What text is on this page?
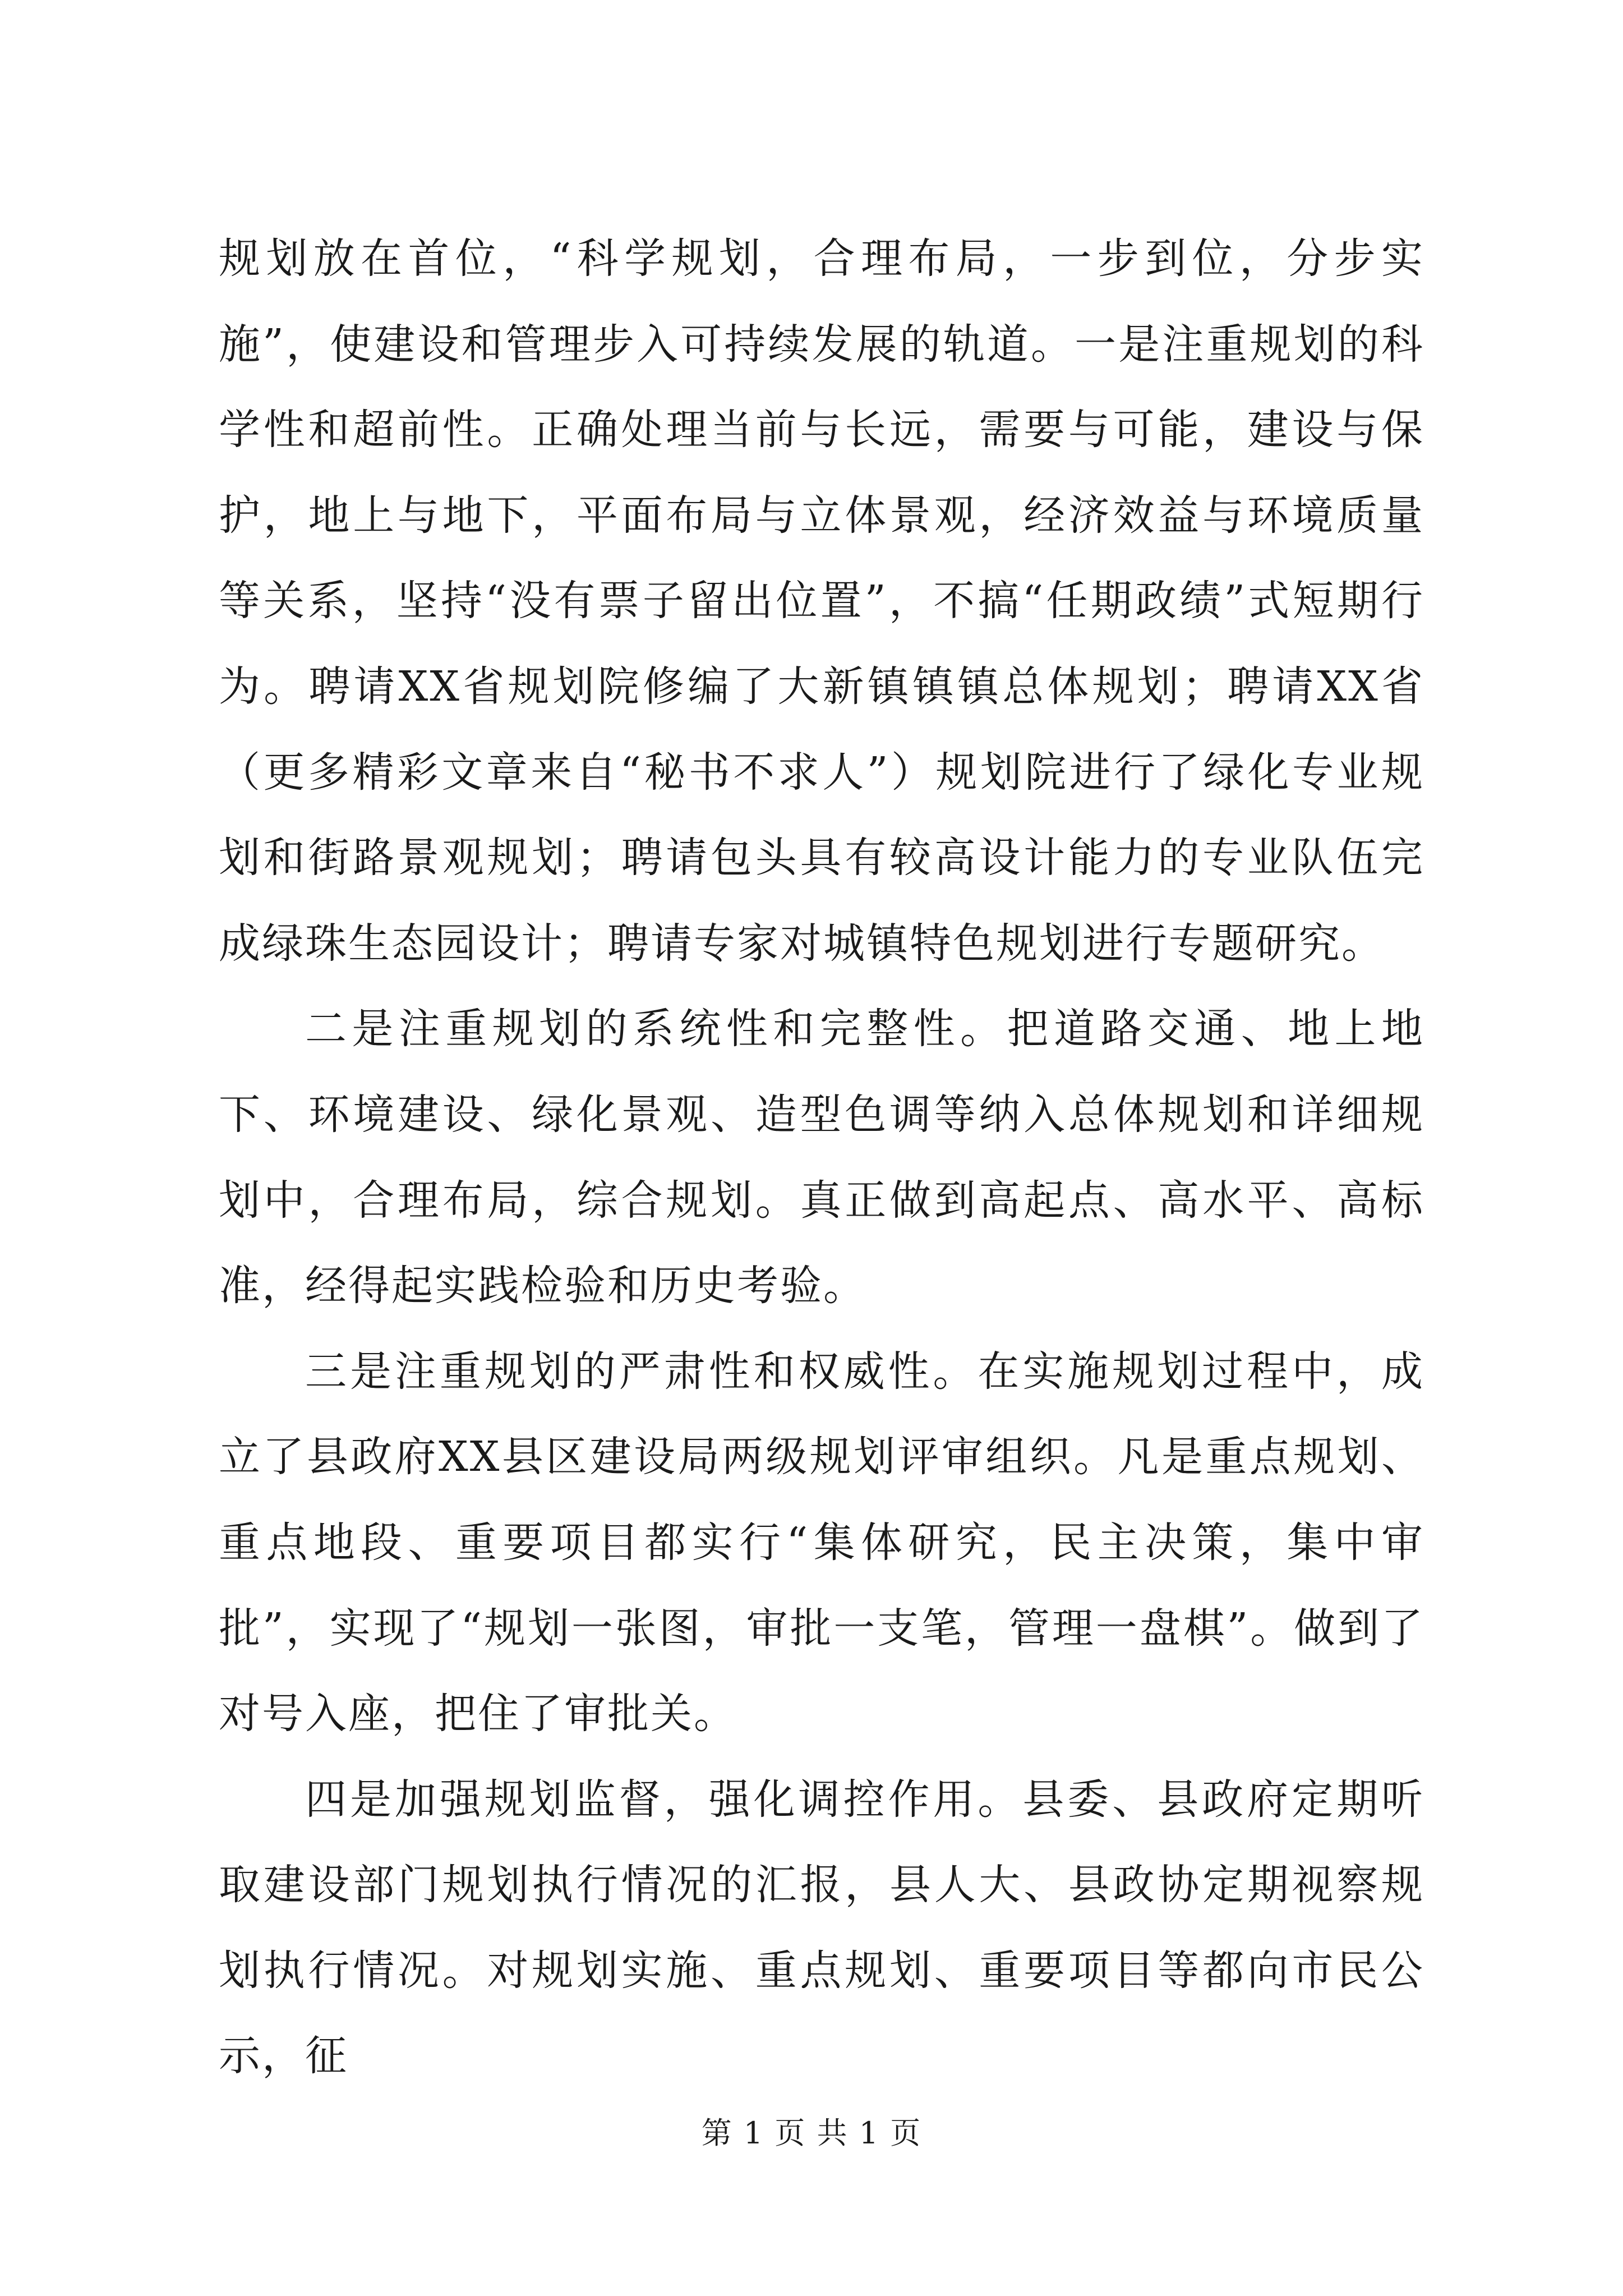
规划放在首位，“科学规划，合理布局，一步到位，分步实施”，使建设和管理步入可持续发展的轨道。一是注重规划的科学性和超前性。正确处理当前与长远，需要与可能，建设与保护，地上与地下，平面布局与立体景观，经济效益与环境质量等关系，坚持“没有票子留出位置”，不搞“任期政绩”式短期行为。聘请XX省规划院修编了大新镇镇镇总体规划；聘请XX省（更多精彩文章来自“秘书不求人”）规划院进行了绿化专业规划和街路景观规划；聘请包头具有较高设计能力的专业队伍完成绿珠生态园设计；聘请专家对城镇特色规划进行专题研究。

二是注重规划的系统性和完整性。把道路交通、地上地下、环境建设、绿化景观、造型色调等纳入总体规划和详细规划中，合理布局，综合规划。真正做到高起点、高水平、高标准，经得起实践检验和历史考验。

三是注重规划的严肃性和权威性。在实施规划过程中，成立了县政府XX县区建设局两级规划评审组织。凡是重点规划、重点地段、重要项目都实行“集体研究，民主决策，集中审批”，实现了“规划一张图，审批一支笔，管理一盘棋”。做到了对号入座，把住了审批关。

四是加强规划监督，强化调控作用。县委、县政府定期听取建设部门规划执行情况的汇报，县人大、县政协定期视察规划执行情况。对规划实施、重点规划、重要项目等都向市民公示，征

第 1 页 共 1 页
